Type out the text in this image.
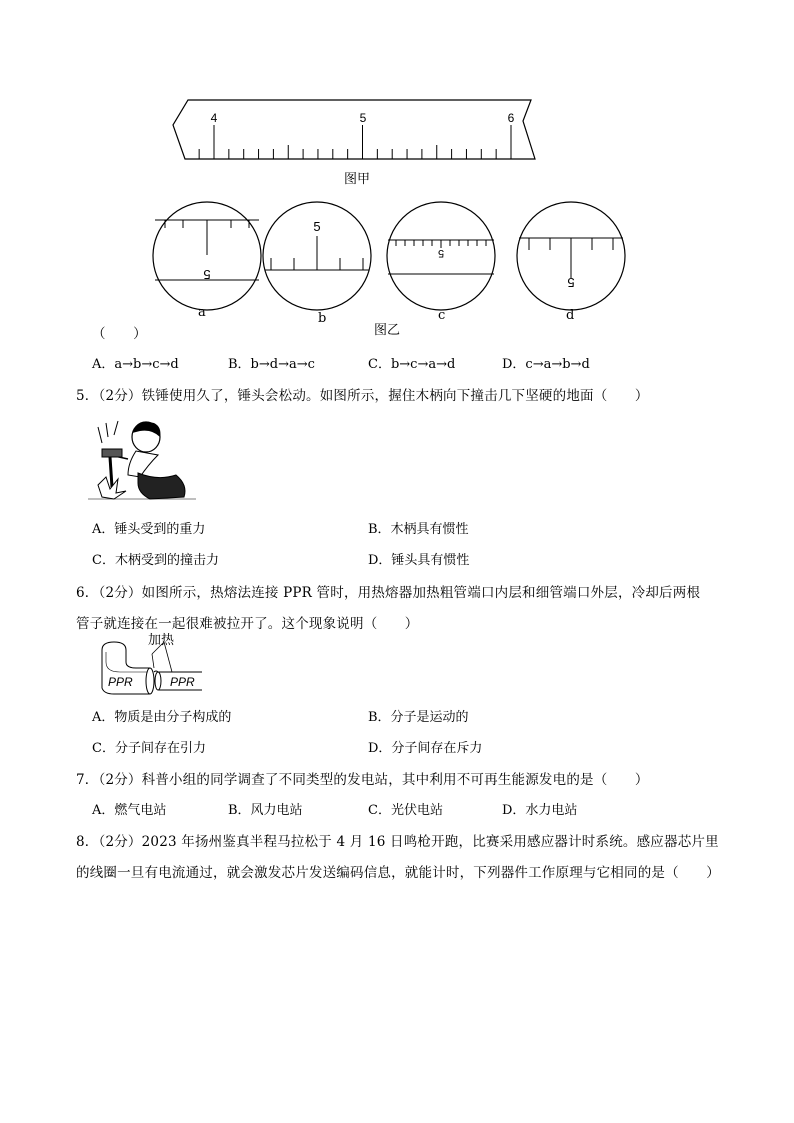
4	5	6
图甲
5
5
5
5
a	b	c	d
图乙
（　　）
A．a→b→c→d	B．b→d→a→c	C．b→c→a→d	D．c→a→b→d
5．（2分）铁锤使用久了，锤头会松动。如图所示，握住木柄向下撞击几下坚硬的地面（　　）
A．锤头受到的重力	B．木柄具有惯性
C．木柄受到的撞击力	D．锤头具有惯性
6．（2分）如图所示，热熔法连接 PPR 管时，用热熔器加热粗管端口内层和细管端口外层，冷却后两根
管子就连接在一起很难被拉开了。这个现象说明（　　）
加热
PPR	PPR
A．物质是由分子构成的	B．分子是运动的
C．分子间存在引力	D．分子间存在斥力
7．（2分）科普小组的同学调查了不同类型的发电站，其中利用不可再生能源发电的是（　　）
A．燃气电站	B．风力电站	C．光伏电站	D．水力电站
8．（2分）2023 年扬州鉴真半程马拉松于 4 月 16 日鸣枪开跑，比赛采用感应器计时系统。感应器芯片里
的线圈一旦有电流通过，就会激发芯片发送编码信息，就能计时，下列器件工作原理与它相同的是（　　）
